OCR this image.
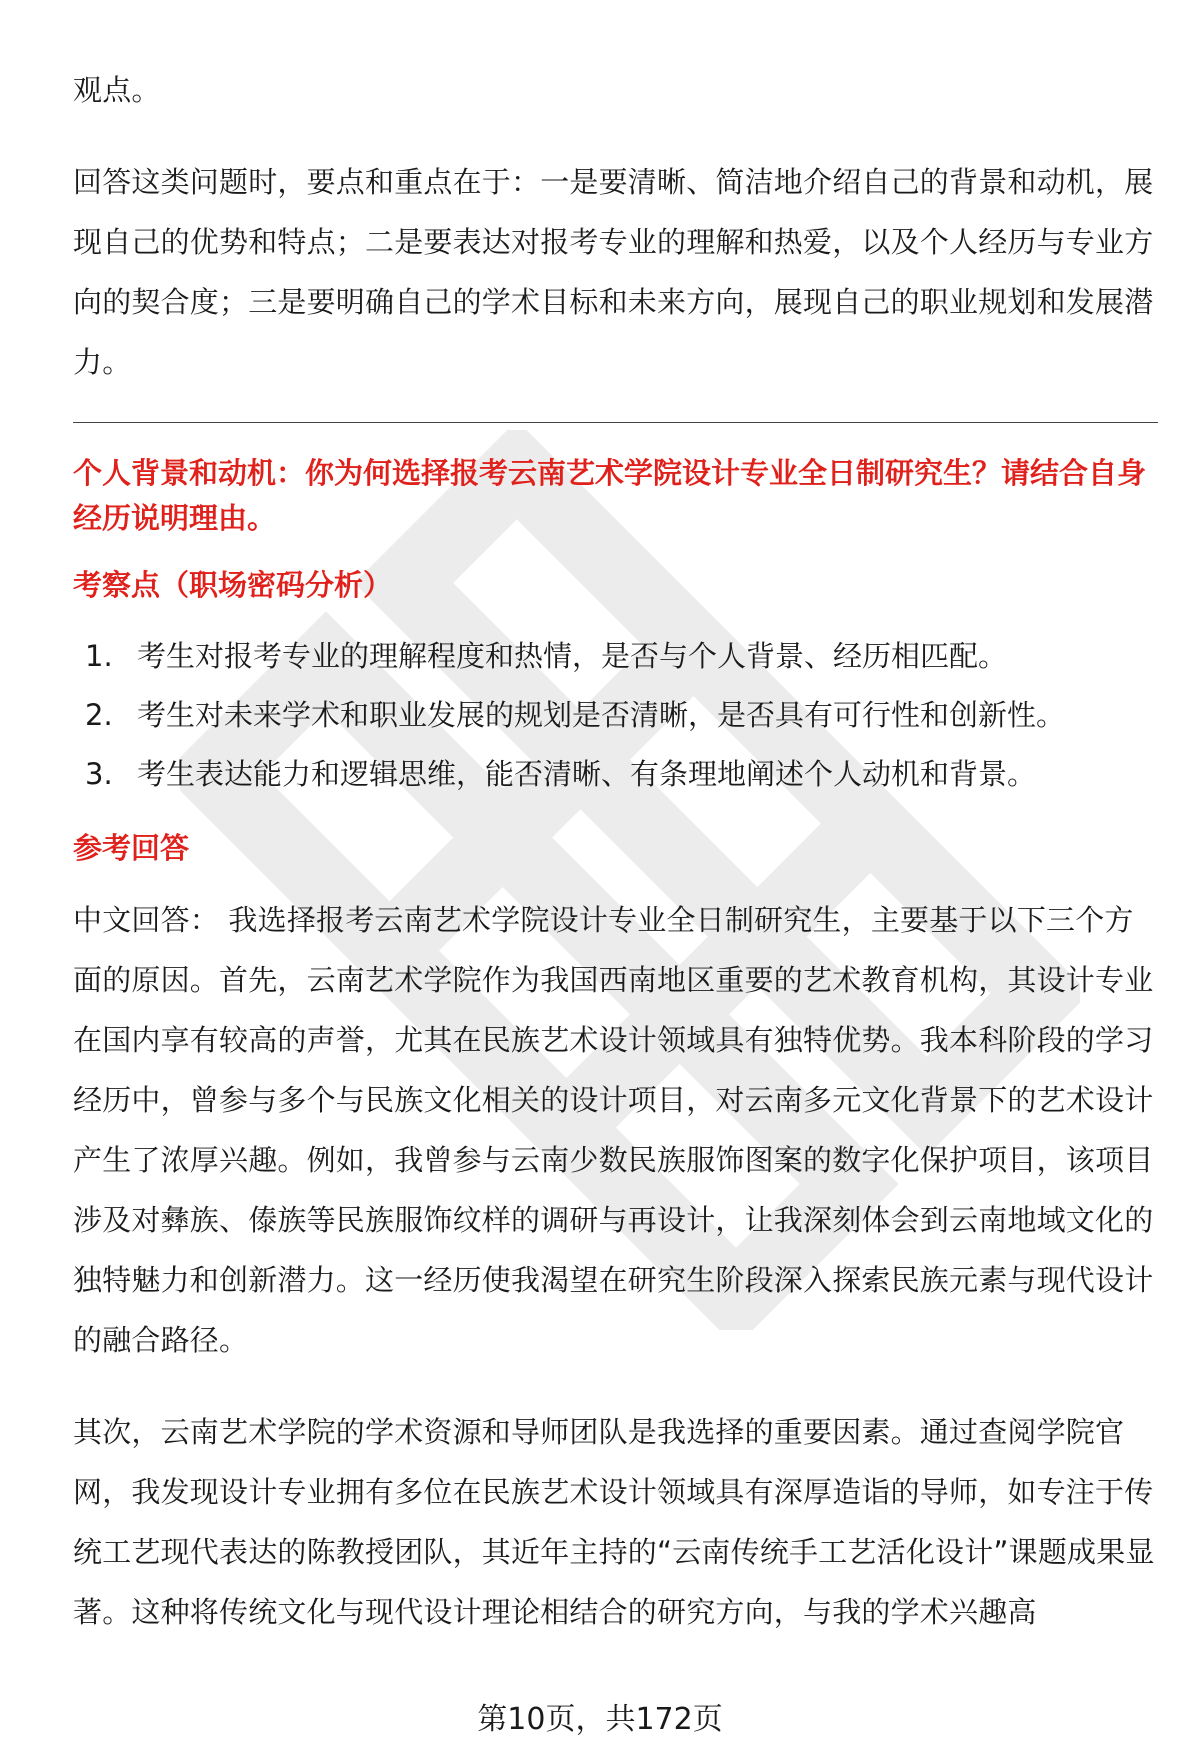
观点。

回答这类问题时，要点和重点在于：一是要清晰、简洁地介绍自己的背景和动机，展现自己的优势和特点；二是要表达对报考专业的理解和热爱，以及个人经历与专业方向的契合度；三是要明确自己的学术目标和未来方向，展现自己的职业规划和发展潜力。

个人背景和动机：你为何选择报考云南艺术学院设计专业全日制研究生？请结合自身经历说明理由。

考察点（职场密码分析）

1. 考生对报考专业的理解程度和热情，是否与个人背景、经历相匹配。
2. 考生对未来学术和职业发展的规划是否清晰，是否具有可行性和创新性。
3. 考生表达能力和逻辑思维，能否清晰、有条理地阐述个人动机和背景。

参考回答

中文回答： 我选择报考云南艺术学院设计专业全日制研究生，主要基于以下三个方面的原因。首先，云南艺术学院作为我国西南地区重要的艺术教育机构，其设计专业在国内享有较高的声誉，尤其在民族艺术设计领域具有独特优势。我本科阶段的学习经历中，曾参与多个与民族文化相关的设计项目，对云南多元文化背景下的艺术设计产生了浓厚兴趣。例如，我曾参与云南少数民族服饰图案的数字化保护项目，该项目涉及对彝族、傣族等民族服饰纹样的调研与再设计，让我深刻体会到云南地域文化的独特魅力和创新潜力。这一经历使我渴望在研究生阶段深入探索民族元素与现代设计的融合路径。

其次，云南艺术学院的学术资源和导师团队是我选择的重要因素。通过查阅学院官网，我发现设计专业拥有多位在民族艺术设计领域具有深厚造诣的导师，如专注于传统工艺现代表达的陈教授团队，其近年主持的“云南传统手工艺活化设计”课题成果显著。这种将传统文化与现代设计理论相结合的研究方向，与我的学术兴趣高

第10页，共172页
